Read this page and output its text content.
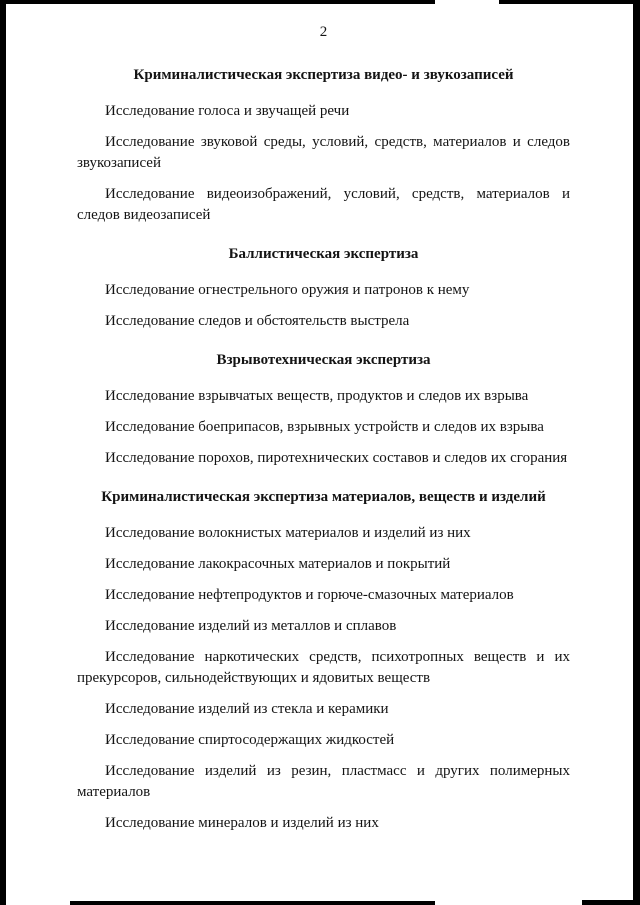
2
Криминалистическая экспертиза видео- и звукозаписей

Исследование голоса и звучащей речи

Исследование звуковой среды, условий, средств, материалов и следов звукозаписей

Исследование видеоизображений, условий, средств, материалов и следов видеозаписей

Баллистическая экспертиза

Исследование огнестрельного оружия и патронов к нему

Исследование следов и обстоятельств выстрела

Взрывотехническая экспертиза

Исследование взрывчатых веществ, продуктов и следов их взрыва

Исследование боеприпасов, взрывных устройств и следов их взрыва

Исследование порохов, пиротехнических составов и следов их сгорания

Криминалистическая экспертиза материалов, веществ и изделий

Исследование волокнистых материалов и изделий из них

Исследование лакокрасочных материалов и покрытий

Исследование нефтепродуктов и горюче-смазочных материалов

Исследование изделий из металлов и сплавов

Исследование наркотических средств, психотропных веществ и их прекурсоров, сильнодействующих и ядовитых веществ

Исследование изделий из стекла и керамики

Исследование спиртосодержащих жидкостей

Исследование изделий из резин, пластмасс и других полимерных материалов

Исследование минералов и изделий из них
